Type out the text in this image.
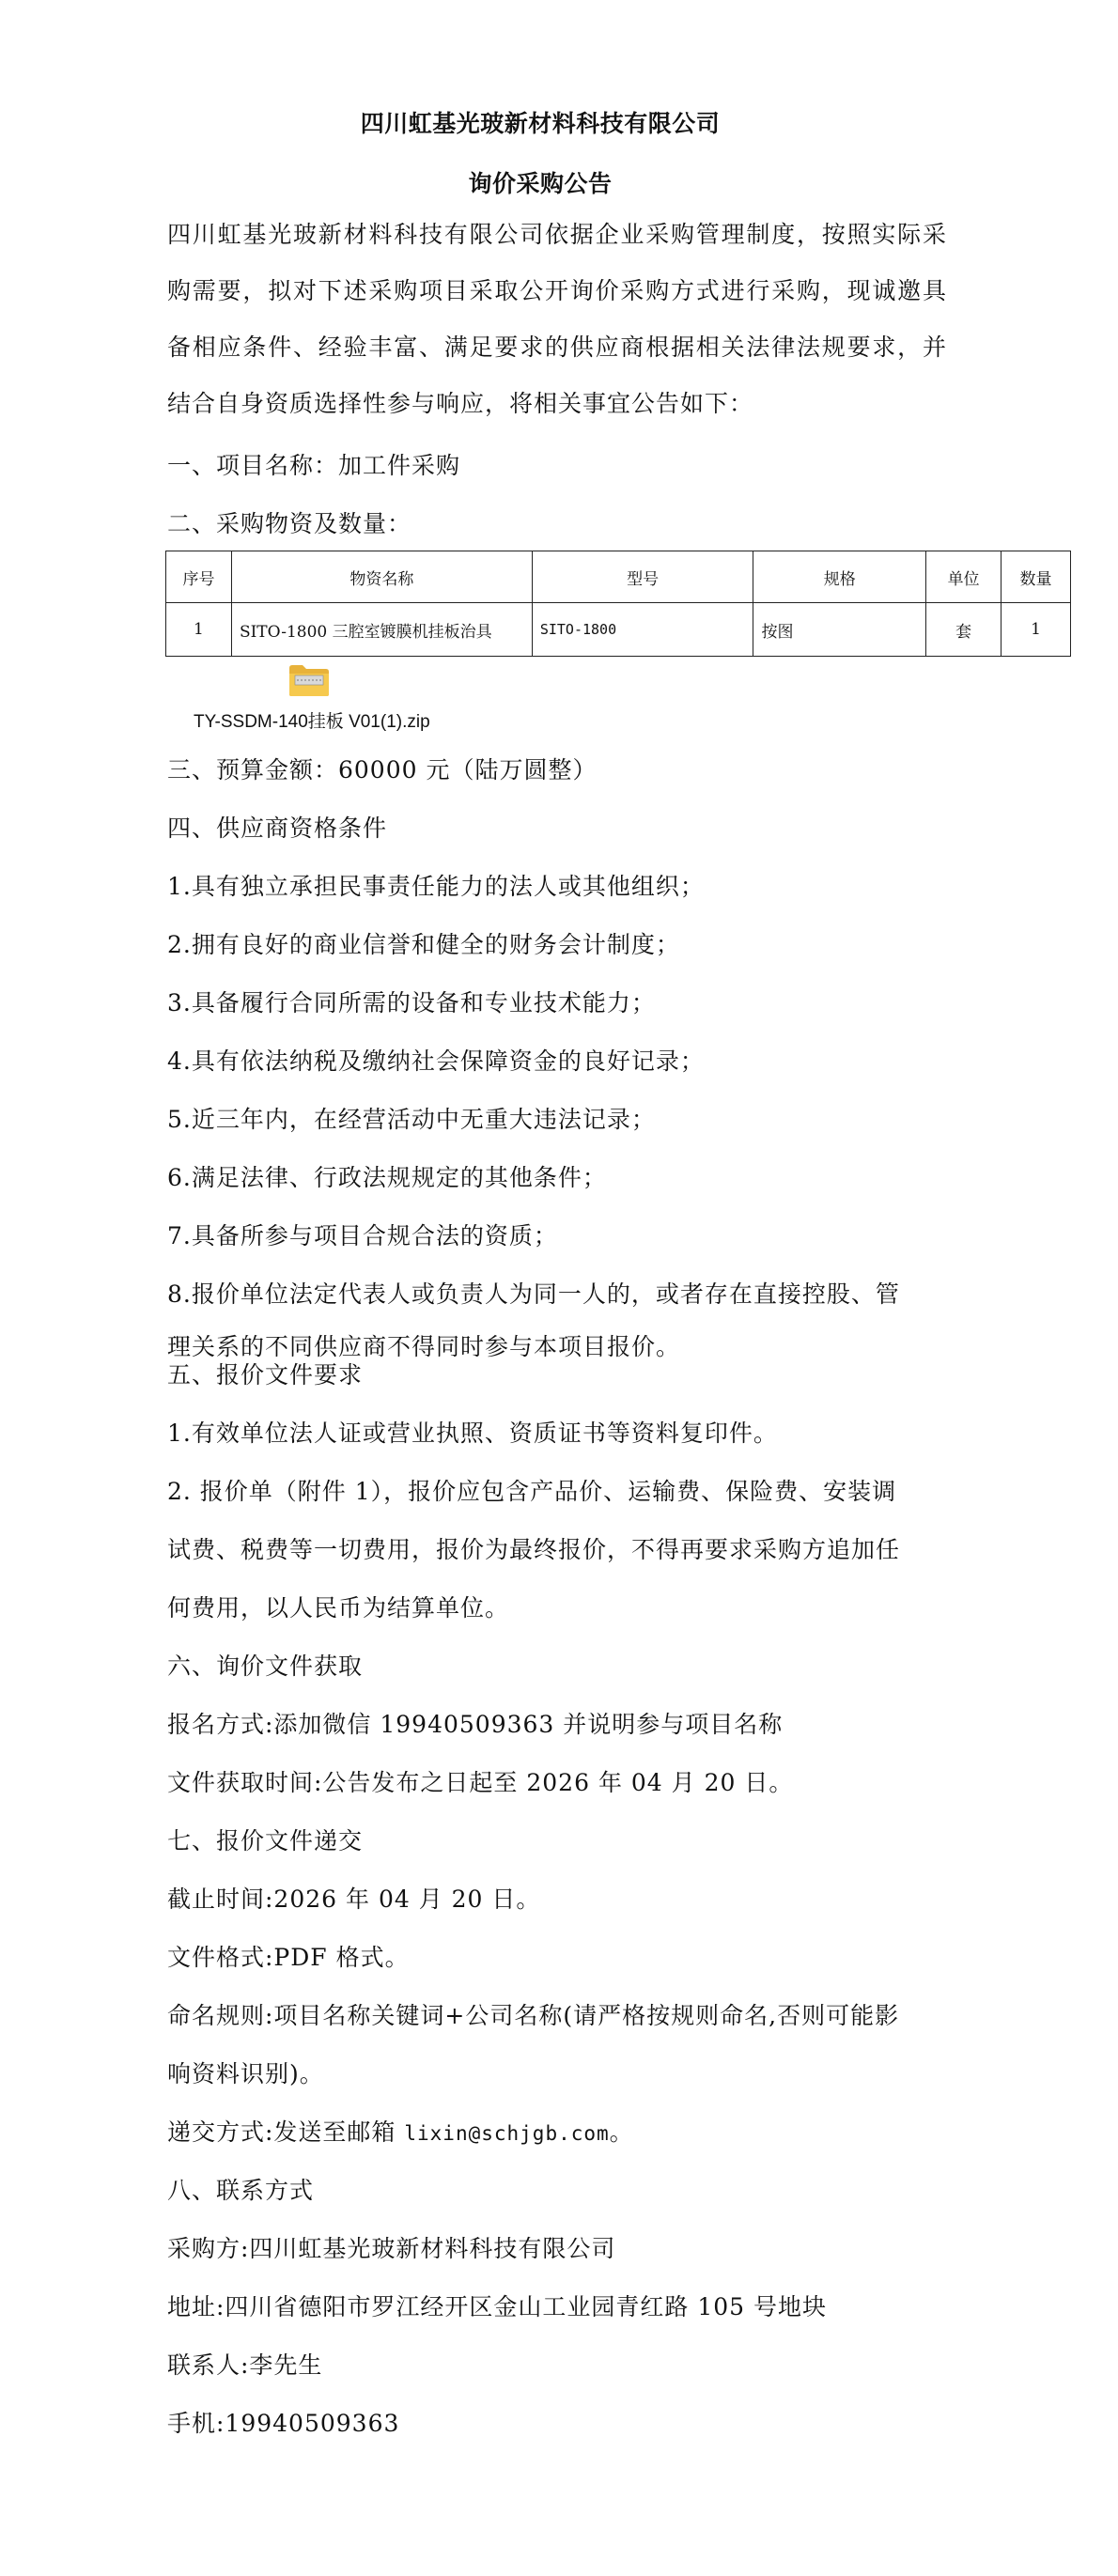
四川虹基光玻新材料科技有限公司
询价采购公告
四川虹基光玻新材料科技有限公司依据企业采购管理制度，按照实际采购需要，拟对下述采购项目采取公开询价采购方式进行采购，现诚邀具备相应条件、经验丰富、满足要求的供应商根据相关法律法规要求，并结合自身资质选择性参与响应，将相关事宜公告如下：
一、项目名称：加工件采购
二、采购物资及数量：
序号	物资名称	型号	规格	单位	数量
1	SITO-1800 三腔室镀膜机挂板治具	SITO-1800	按图	套	1
TY-SSDM-140挂板 V01(1).zip
三、预算金额：60000 元（陆万圆整）
四、供应商资格条件
1.具有独立承担民事责任能力的法人或其他组织；
2.拥有良好的商业信誉和健全的财务会计制度；
3.具备履行合同所需的设备和专业技术能力；
4.具有依法纳税及缴纳社会保障资金的良好记录；
5.近三年内，在经营活动中无重大违法记录；
6.满足法律、行政法规规定的其他条件；
7.具备所参与项目合规合法的资质；
8.报价单位法定代表人或负责人为同一人的，或者存在直接控股、管
理关系的不同供应商不得同时参与本项目报价。
五、报价文件要求
1.有效单位法人证或营业执照、资质证书等资料复印件。
2. 报价单（附件 1），报价应包含产品价、运输费、保险费、安装调
试费、税费等一切费用，报价为最终报价，不得再要求采购方追加任
何费用，以人民币为结算单位。
六、询价文件获取
报名方式:添加微信 19940509363 并说明参与项目名称
文件获取时间:公告发布之日起至 2026 年 04 月 20 日。
七、报价文件递交
截止时间:2026 年 04 月 20 日。
文件格式:PDF 格式。
命名规则:项目名称关键词+公司名称(请严格按规则命名,否则可能影
响资料识别)。
递交方式:发送至邮箱 lixin@schjgb.com。
八、联系方式
采购方:四川虹基光玻新材料科技有限公司
地址:四川省德阳市罗江经开区金山工业园青红路 105 号地块
联系人:李先生
手机:19940509363
